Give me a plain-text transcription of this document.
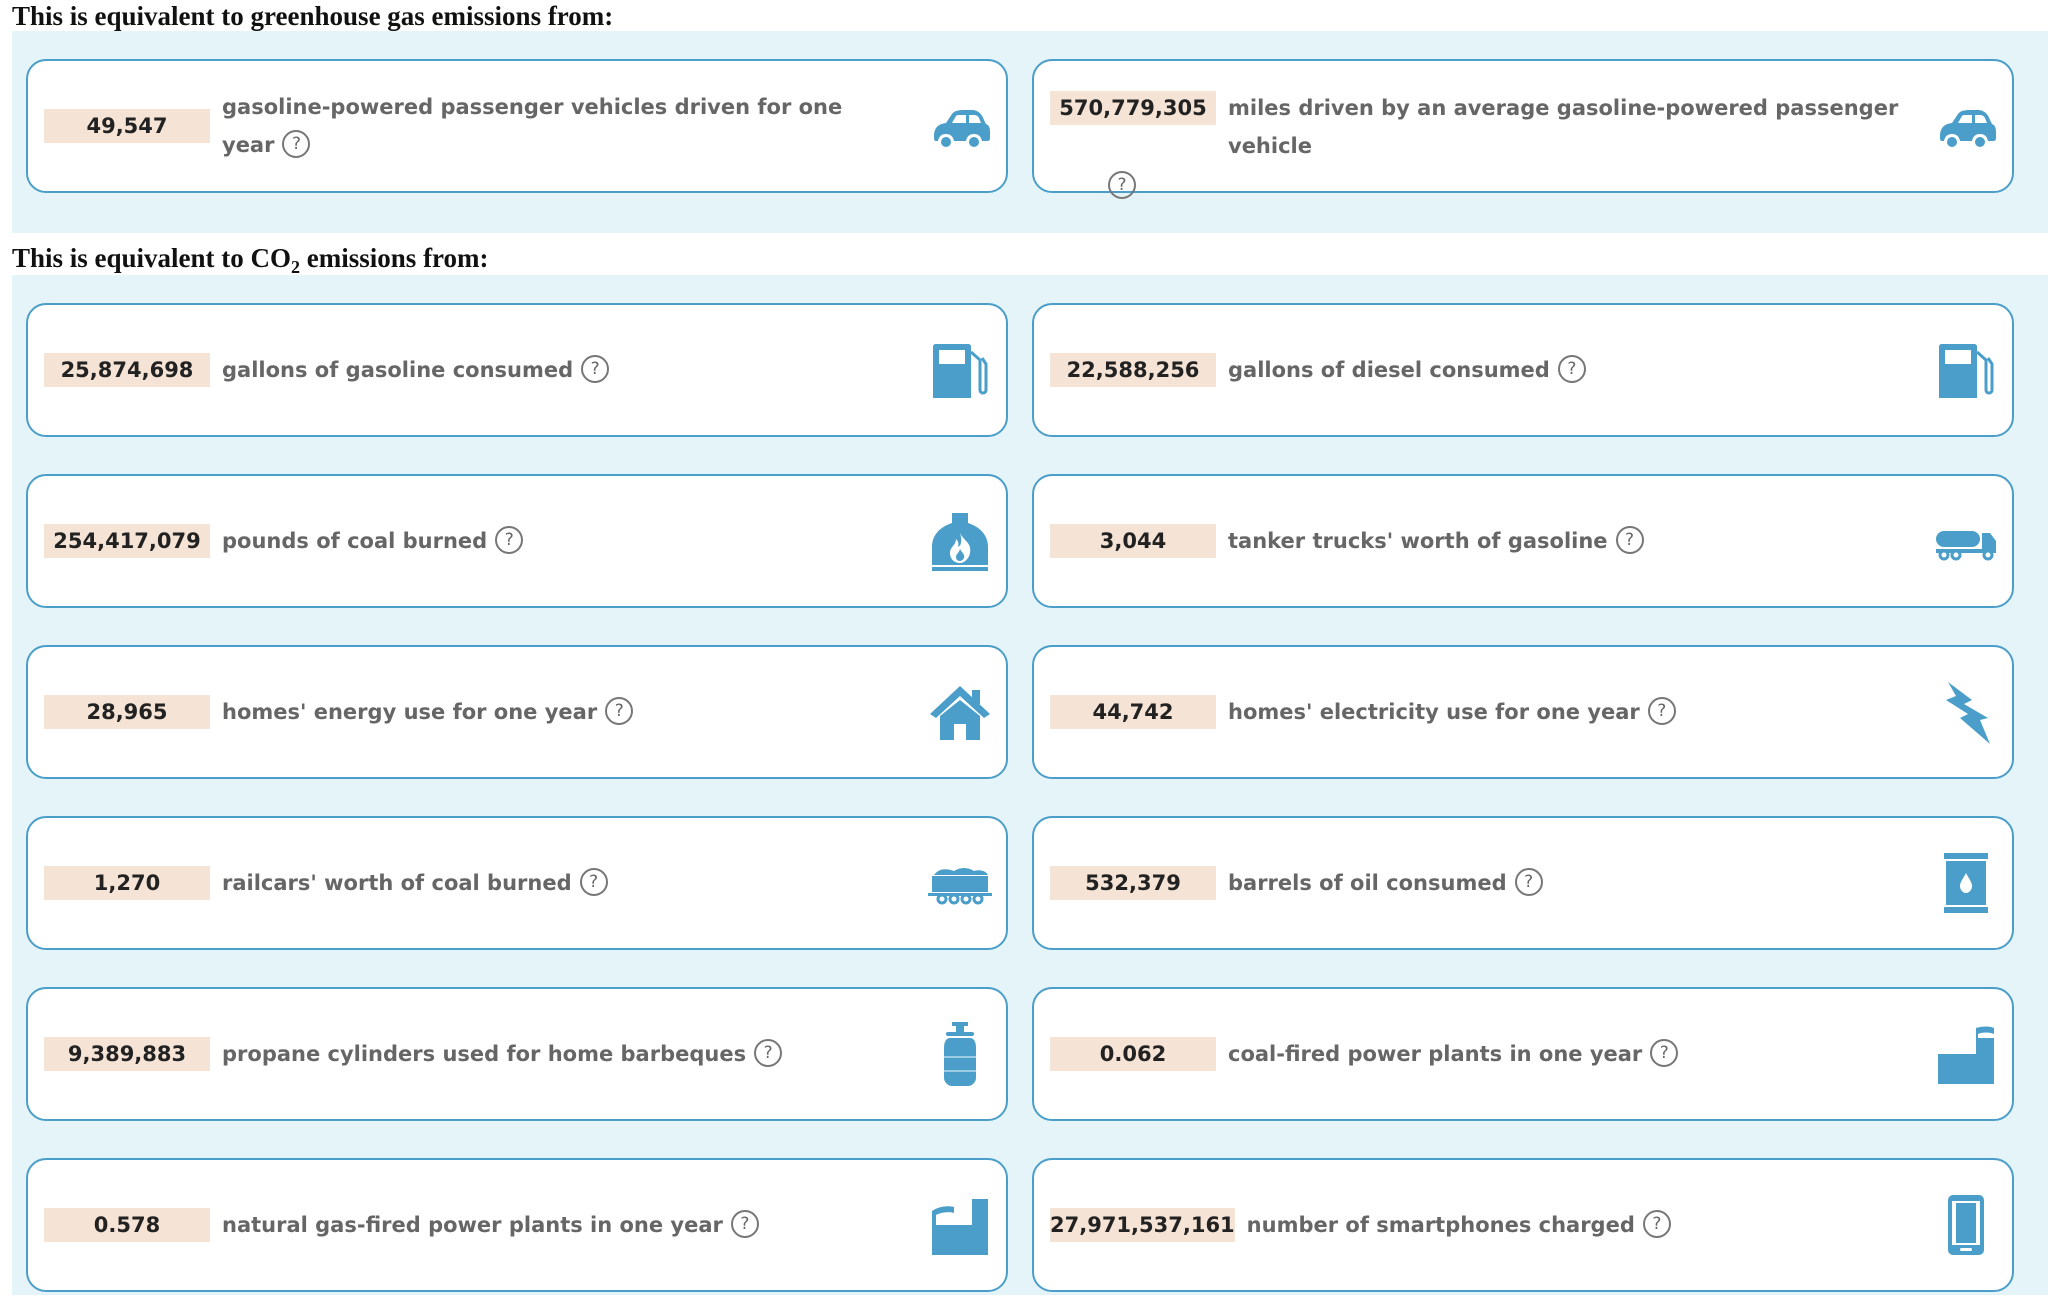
This is equivalent to greenhouse gas emissions from:
49,547
gasoline-powered passenger vehicles driven for one year ?
570,779,305	miles driven by an average gasoline-powered passenger vehicle
?
This is equivalent to $CO_2$ emissions from:
25,874,698	gallons of gasoline consumed ?	22,588,256	gallons of diesel consumed ?
254,417,079	pounds of coal burned ?	3,044	tanker trucks' worth of gasoline ?
28,965	homes' energy use for one year ?	44,742	homes' electricity use for one year ?
1,270	railcars' worth of coal burned ?	532,379	barrels of oil consumed ?
9,389,883	propane cylinders used for home barbeques ?	0.062	coal-fired power plants in one year ?
0.578	natural gas-fired power plants in one year ?	27,971,537,161 number of smartphones charged ?
